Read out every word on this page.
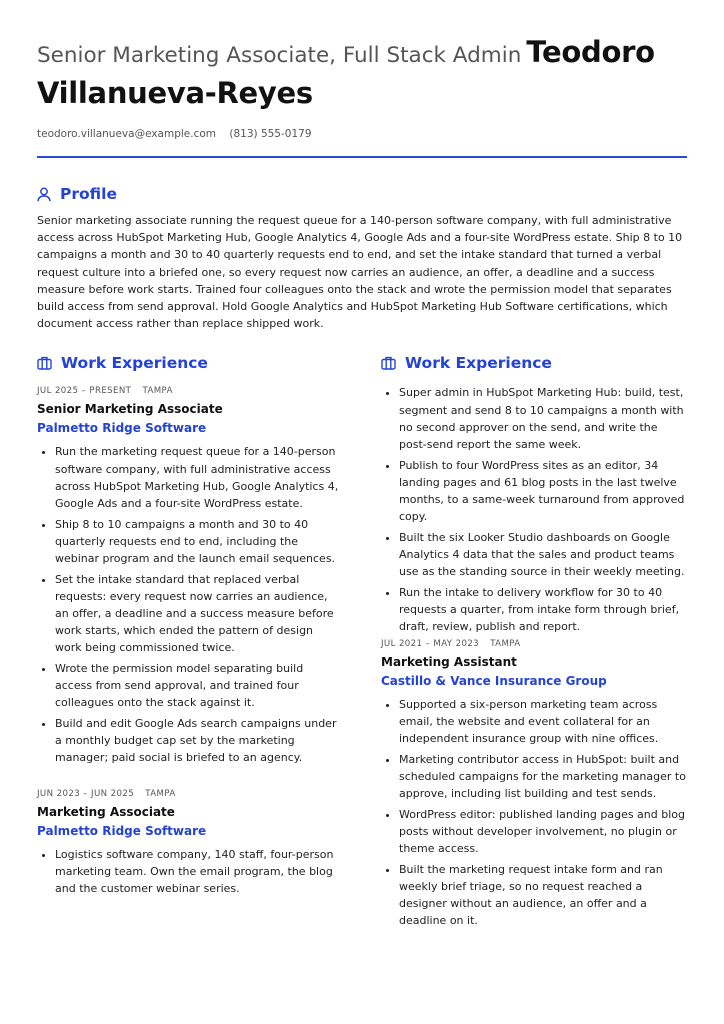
Senior Marketing Associate, Full Stack Admin Teodoro Villanueva-Reyes
teodoro.villanueva@example.com (813) 555-0179
Profile
Senior marketing associate running the request queue for a 140-person software company, with full administrative access across HubSpot Marketing Hub, Google Analytics 4, Google Ads and a four-site WordPress estate. Ship 8 to 10 campaigns a month and 30 to 40 quarterly requests end to end, and set the intake standard that turned a verbal request culture into a briefed one, so every request now carries an audience, an offer, a deadline and a success measure before work starts. Trained four colleagues onto the stack and wrote the permission model that separates build access from send approval. Hold Google Analytics and HubSpot Marketing Hub Software certifications, which document access rather than replace shipped work.
Work Experience
JUL 2025 – PRESENT TAMPA
Senior Marketing Associate
Palmetto Ridge Software
• Run the marketing request queue for a 140-person software company, with full administrative access across HubSpot Marketing Hub, Google Analytics 4, Google Ads and a four-site WordPress estate.
• Ship 8 to 10 campaigns a month and 30 to 40 quarterly requests end to end, including the webinar program and the launch email sequences.
• Set the intake standard that replaced verbal requests: every request now carries an audience, an offer, a deadline and a success measure before work starts, which ended the pattern of design work being commissioned twice.
• Wrote the permission model separating build access from send approval, and trained four colleagues onto the stack against it.
• Build and edit Google Ads search campaigns under a monthly budget cap set by the marketing manager; paid social is briefed to an agency.
JUN 2023 – JUN 2025 TAMPA
Marketing Associate
Palmetto Ridge Software
• Logistics software company, 140 staff, four-person marketing team. Own the email program, the blog and the customer webinar series.
Work Experience
• Super admin in HubSpot Marketing Hub: build, test, segment and send 8 to 10 campaigns a month with no second approver on the send, and write the post-send report the same week.
• Publish to four WordPress sites as an editor, 34 landing pages and 61 blog posts in the last twelve months, to a same-week turnaround from approved copy.
• Built the six Looker Studio dashboards on Google Analytics 4 data that the sales and product teams use as the standing source in their weekly meeting.
• Run the intake to delivery workflow for 30 to 40 requests a quarter, from intake form through brief, draft, review, publish and report.
JUL 2021 – MAY 2023 TAMPA
Marketing Assistant
Castillo & Vance Insurance Group
• Supported a six-person marketing team across email, the website and event collateral for an independent insurance group with nine offices.
• Marketing contributor access in HubSpot: built and scheduled campaigns for the marketing manager to approve, including list building and test sends.
• WordPress editor: published landing pages and blog posts without developer involvement, no plugin or theme access.
• Built the marketing request intake form and ran weekly brief triage, so no request reached a designer without an audience, an offer and a deadline on it.
